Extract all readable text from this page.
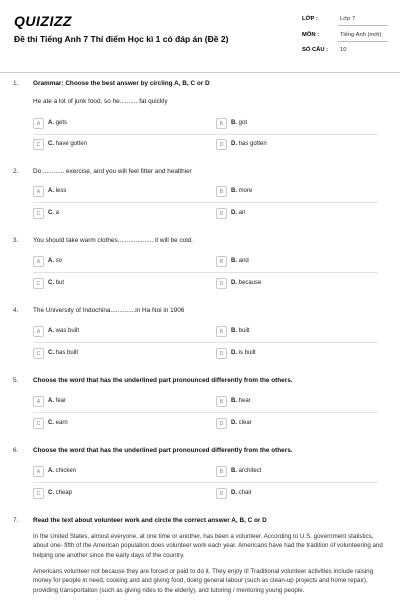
QUIZIZZ
Đề thi Tiếng Anh 7 Thí điểm Học kì 1 có đáp án (Đề 2)
LỚP :	Lớp 7
MÔN :	Tiếng Anh (mới)
SỐ CÂU : 10
1. Grammar: Choose the best answer by circling A, B, C or D
He ate a lot of junk food, so he.......... fat quickly
A	A. gets	B	B. got
C	C. have gotten	D	D. has gotten
2. Do ............ exercise, and you will feel fitter and healthier
A	A. less	B	B. more
C	C. a	D	D. an
3. You should take warm clothes.................... it will be cold.
A	A. so	B	B. and
C	C. but	D	D. because
4. The University of Indochina..............in Ha Noi in 1906
A	A. was built	B	B. built
C	C. has built	D	D. is built
5. Choose the word that has the underlined part pronounced differently from the others.
A	A. fear	B	B. hear
C	C. earn	D	D. clear
6. Choose the word that has the underlined part pronounced differently from the others.
A	A. chicken	B	B. architect
C	C. cheap	D	D. chair
7. Read the text about volunteer work and circle the correct answer A, B, C or D

In the United States, almost everyone, at one time or another, has been a volunteer. According to U.S. government statistics, about one- fifth of the American population does volunteer work each year. Americans have had the tradition of volunteering and helping one another since the early days of the country.

Americans volunteer not because they are forced or paid to do it. They enjoy it! Traditional volunteer activities include raising money for people in need, cooking and and giving food, doing general labour (such as clean-up projects and home repair), providing transportation (such as giving rides to the elderly), and tutoring / mentoring young people.
